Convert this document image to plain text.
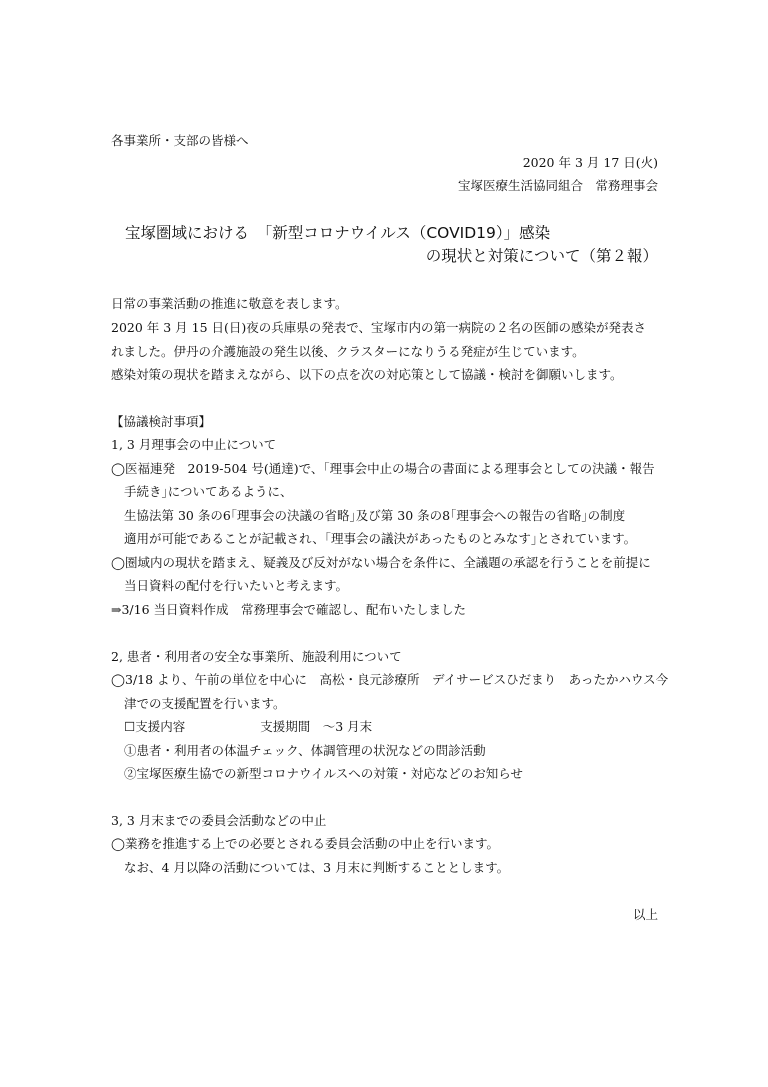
各事業所・支部の皆様へ
2020 年 3 月 17 日(火)
宝塚医療生活協同組合　常務理事会
宝塚圏域における　「新型コロナウイルス（COVID19）」感染
の現状と対策について（第２報）
日常の事業活動の推進に敬意を表します。
2020 年 3 月 15 日(日)夜の兵庫県の発表で、宝塚市内の第一病院の２名の医師の感染が発表さ
れました。伊丹の介護施設の発生以後、クラスターになりうる発症が生じています。
感染対策の現状を踏まえながら、以下の点を次の対応策として協議・検討を御願いします。
【協議検討事項】
1, 3 月理事会の中止について
◯医福連発　2019-504 号(通達)で、｢理事会中止の場合の書面による理事会としての決議・報告
手続き｣についてあるように、
生協法第 30 条の6｢理事会の決議の省略｣及び第 30 条の8｢理事会への報告の省略｣の制度
適用が可能であることが記載され、｢理事会の議決があったものとみなす｣とされています。
◯圏域内の現状を踏まえ、疑義及び反対がない場合を条件に、全議題の承認を行うことを前提に
当日資料の配付を行いたいと考えます。
⇒3/16 当日資料作成　常務理事会で確認し、配布いたしました
2, 患者・利用者の安全な事業所、施設利用について
◯3/18 より、午前の単位を中心に　高松・良元診療所　デイサービスひだまり　あったかハウス今
津での支援配置を行います。
☐支援内容　　　　　　支援期間　～3 月末
①患者・利用者の体温チェック、体調管理の状況などの問診活動
②宝塚医療生協での新型コロナウイルスへの対策・対応などのお知らせ
3, 3 月末までの委員会活動などの中止
◯業務を推進する上での必要とされる委員会活動の中止を行います。
なお、4 月以降の活動については、3 月末に判断することとします。
以上
